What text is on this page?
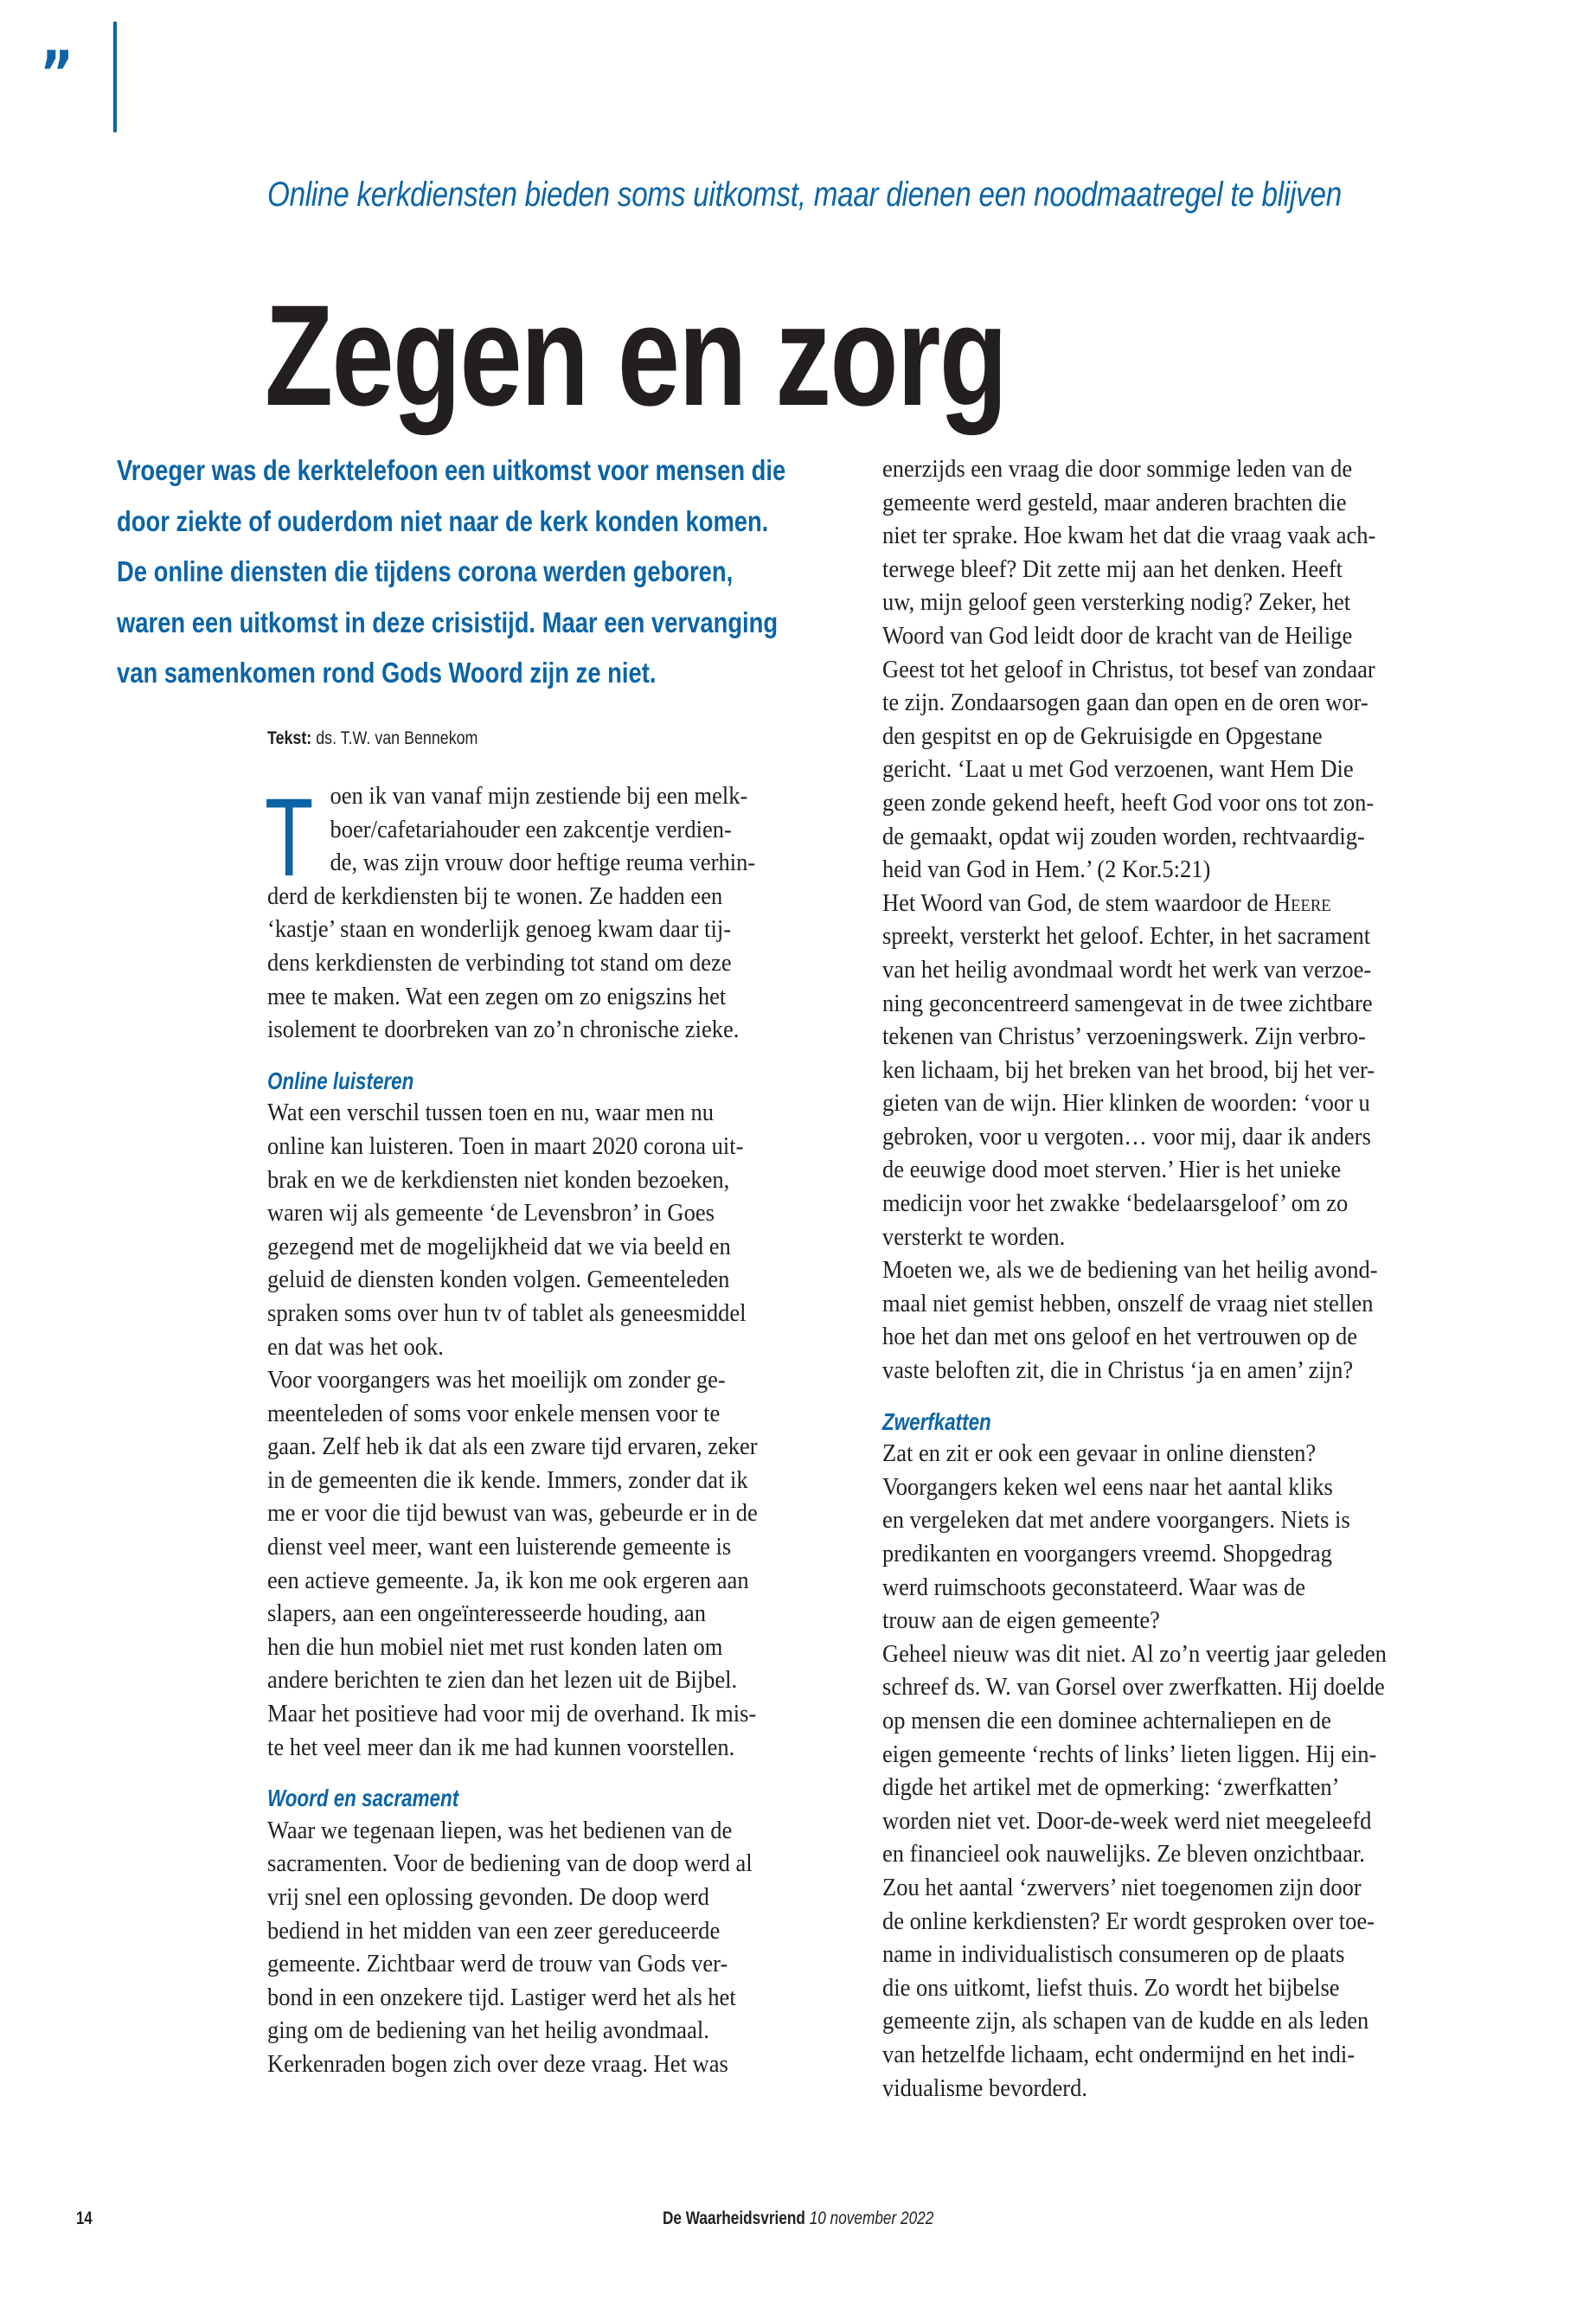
”
Online kerkdiensten bieden soms uitkomst, maar dienen een noodmaatregel te blijven
Zegen en zorg
Vroeger was de kerktelefoon een uitkomst voor mensen die
door ziekte of ouderdom niet naar de kerk konden komen.
De online diensten die tijdens corona werden geboren,
waren een uitkomst in deze crisistijd. Maar een vervanging
van samenkomen rond Gods Woord zijn ze niet.
Tekst: ds. T.W. van Bennekom
T oen ik van vanaf mijn zestiende bij een melk-
boer/cafetariahouder een zakcentje verdien-
de, was zijn vrouw door heftige reuma verhin-
derd de kerkdiensten bij te wonen. Ze hadden een
‘kastje’ staan en wonderlijk genoeg kwam daar tij-
dens kerkdiensten de verbinding tot stand om deze
mee te maken. Wat een zegen om zo enigszins het
isolement te doorbreken van zo’n chronische zieke.
Online luisteren
Wat een verschil tussen toen en nu, waar men nu
online kan luisteren. Toen in maart 2020 corona uit-
brak en we de kerkdiensten niet konden bezoeken,
waren wij als gemeente ‘de Levensbron’ in Goes
gezegend met de mogelijkheid dat we via beeld en
geluid de diensten konden volgen. Gemeenteleden
spraken soms over hun tv of tablet als geneesmiddel
en dat was het ook.
Voor voorgangers was het moeilijk om zonder ge-
meenteleden of soms voor enkele mensen voor te
gaan. Zelf heb ik dat als een zware tijd ervaren, zeker
in de gemeenten die ik kende. Immers, zonder dat ik
me er voor die tijd bewust van was, gebeurde er in de
dienst veel meer, want een luisterende gemeente is
een actieve gemeente. Ja, ik kon me ook ergeren aan
slapers, aan een ongeïnteresseerde houding, aan
hen die hun mobiel niet met rust konden laten om
andere berichten te zien dan het lezen uit de Bijbel.
Maar het positieve had voor mij de overhand. Ik mis-
te het veel meer dan ik me had kunnen voorstellen.
Woord en sacrament
Waar we tegenaan liepen, was het bedienen van de
sacramenten. Voor de bediening van de doop werd al
vrij snel een oplossing gevonden. De doop werd
bediend in het midden van een zeer gereduceerde
gemeente. Zichtbaar werd de trouw van Gods ver-
bond in een onzekere tijd. Lastiger werd het als het
ging om de bediening van het heilig avondmaal.
Kerkenraden bogen zich over deze vraag. Het was
enerzijds een vraag die door sommige leden van de
gemeente werd gesteld, maar anderen brachten die
niet ter sprake. Hoe kwam het dat die vraag vaak ach-
terwege bleef? Dit zette mij aan het denken. Heeft
uw, mijn geloof geen versterking nodig? Zeker, het
Woord van God leidt door de kracht van de Heilige
Geest tot het geloof in Christus, tot besef van zondaar
te zijn. Zondaarsogen gaan dan open en de oren wor-
den gespitst en op de Gekruisigde en Opgestane
gericht. ‘Laat u met God verzoenen, want Hem Die
geen zonde gekend heeft, heeft God voor ons tot zon-
de gemaakt, opdat wij zouden worden, rechtvaardig-
heid van God in Hem.’ (2 Kor.5:21)
Het Woord van God, de stem waardoor de Heere
spreekt, versterkt het geloof. Echter, in het sacrament
van het heilig avondmaal wordt het werk van verzoe-
ning geconcentreerd samengevat in de twee zichtbare
tekenen van Christus’ verzoeningswerk. Zijn verbro-
ken lichaam, bij het breken van het brood, bij het ver-
gieten van de wijn. Hier klinken de woorden: ‘voor u
gebroken, voor u vergoten… voor mij, daar ik anders
de eeuwige dood moet sterven.’ Hier is het unieke
medicijn voor het zwakke ‘bedelaarsgeloof’ om zo
versterkt te worden.
Moeten we, als we de bediening van het heilig avond-
maal niet gemist hebben, onszelf de vraag niet stellen
hoe het dan met ons geloof en het vertrouwen op de
vaste beloften zit, die in Christus ‘ja en amen’ zijn?
Zwerfkatten
Zat en zit er ook een gevaar in online diensten?
Voorgangers keken wel eens naar het aantal kliks
en vergeleken dat met andere voorgangers. Niets is
predikanten en voorgangers vreemd. Shopgedrag
werd ruimschoots geconstateerd. Waar was de
trouw aan de eigen gemeente?
Geheel nieuw was dit niet. Al zo’n veertig jaar geleden
schreef ds. W. van Gorsel over zwerfkatten. Hij doelde
op mensen die een dominee achternaliepen en de
eigen gemeente ‘rechts of links’ lieten liggen. Hij ein-
digde het artikel met de opmerking: ‘zwerfkatten’
worden niet vet. Door-de-week werd niet meegeleefd
en financieel ook nauwelijks. Ze bleven onzichtbaar.
Zou het aantal ‘zwervers’ niet toegenomen zijn door
de online kerkdiensten? Er wordt gesproken over toe-
name in individualistisch consumeren op de plaats
die ons uitkomt, liefst thuis. Zo wordt het bijbelse
gemeente zijn, als schapen van de kudde en als leden
van hetzelfde lichaam, echt ondermijnd en het indi-
vidualisme bevorderd.
14	De Waarheidsvriend 10 november 2022
